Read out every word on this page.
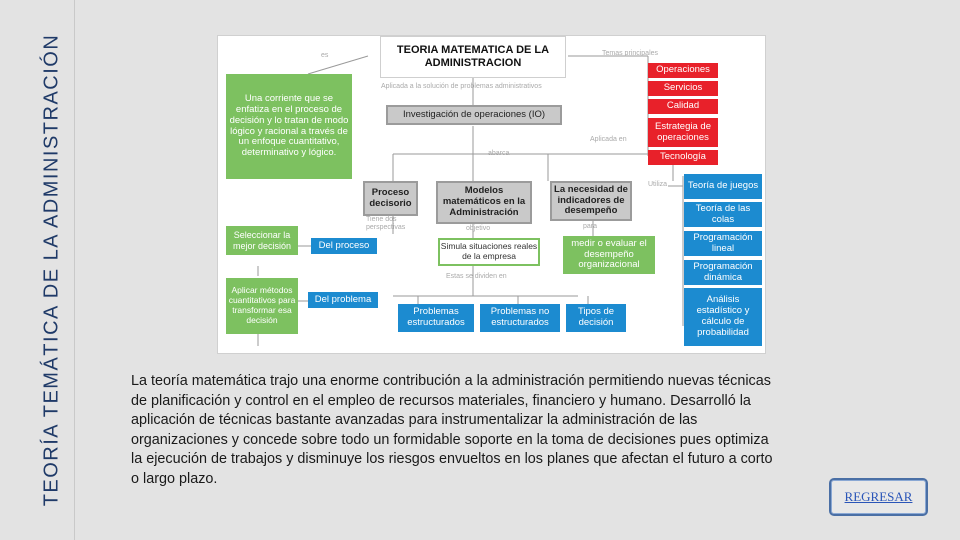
TEORÍA TEMÁTICA DE LA ADMINISTRACIÓN	TEORIA MATEMATICA DE LA ADMINISTRACION
es
Una corriente que se enfatiza en el proceso de decisión y lo tratan de modo lógico y racional a través de un enfoque cuantitativo, determinativo y lógico.
Aplicada a la solución de problemas administrativos
Investigación de operaciones (IO)
Temas principales
Operaciones
Servicios
Calidad
Estrategia de operaciones
Tecnología
Aplicada en
abarca
Utiliza
Proceso decisorio
Modelos matemáticos en la Administración
La necesidad de indicadores de desempeño
Teoría de juegos
Teoría de las colas
Programación lineal
Programación dinámica
Análisis estadístico y cálculo de probabilidad
Tiene dos perspectivas	objetivo	para
Seleccionar la mejor decisión	Del proceso	Simula situaciones reales de la empresa
medir o evaluar el desempeño organizacional
Estas se dividen en
Aplicar métodos cuantitativos para transformar esa decisión
Del problema
Problemas estructurados
Problemas no estructurados
Tipos de decisión
La teoría matemática trajo una enorme contribución a la administración permitiendo nuevas técnicas
de planificación y control en el empleo de recursos materiales, financiero y humano. Desarrolló la
aplicación de técnicas bastante avanzadas para instrumentalizar la administración de las
organizaciones y concede sobre todo un formidable soporte en la toma de decisiones pues optimiza
la ejecución de trabajos y disminuye los riesgos envueltos en los planes que afectan el futuro a corto
o largo plazo.
REGRESAR
